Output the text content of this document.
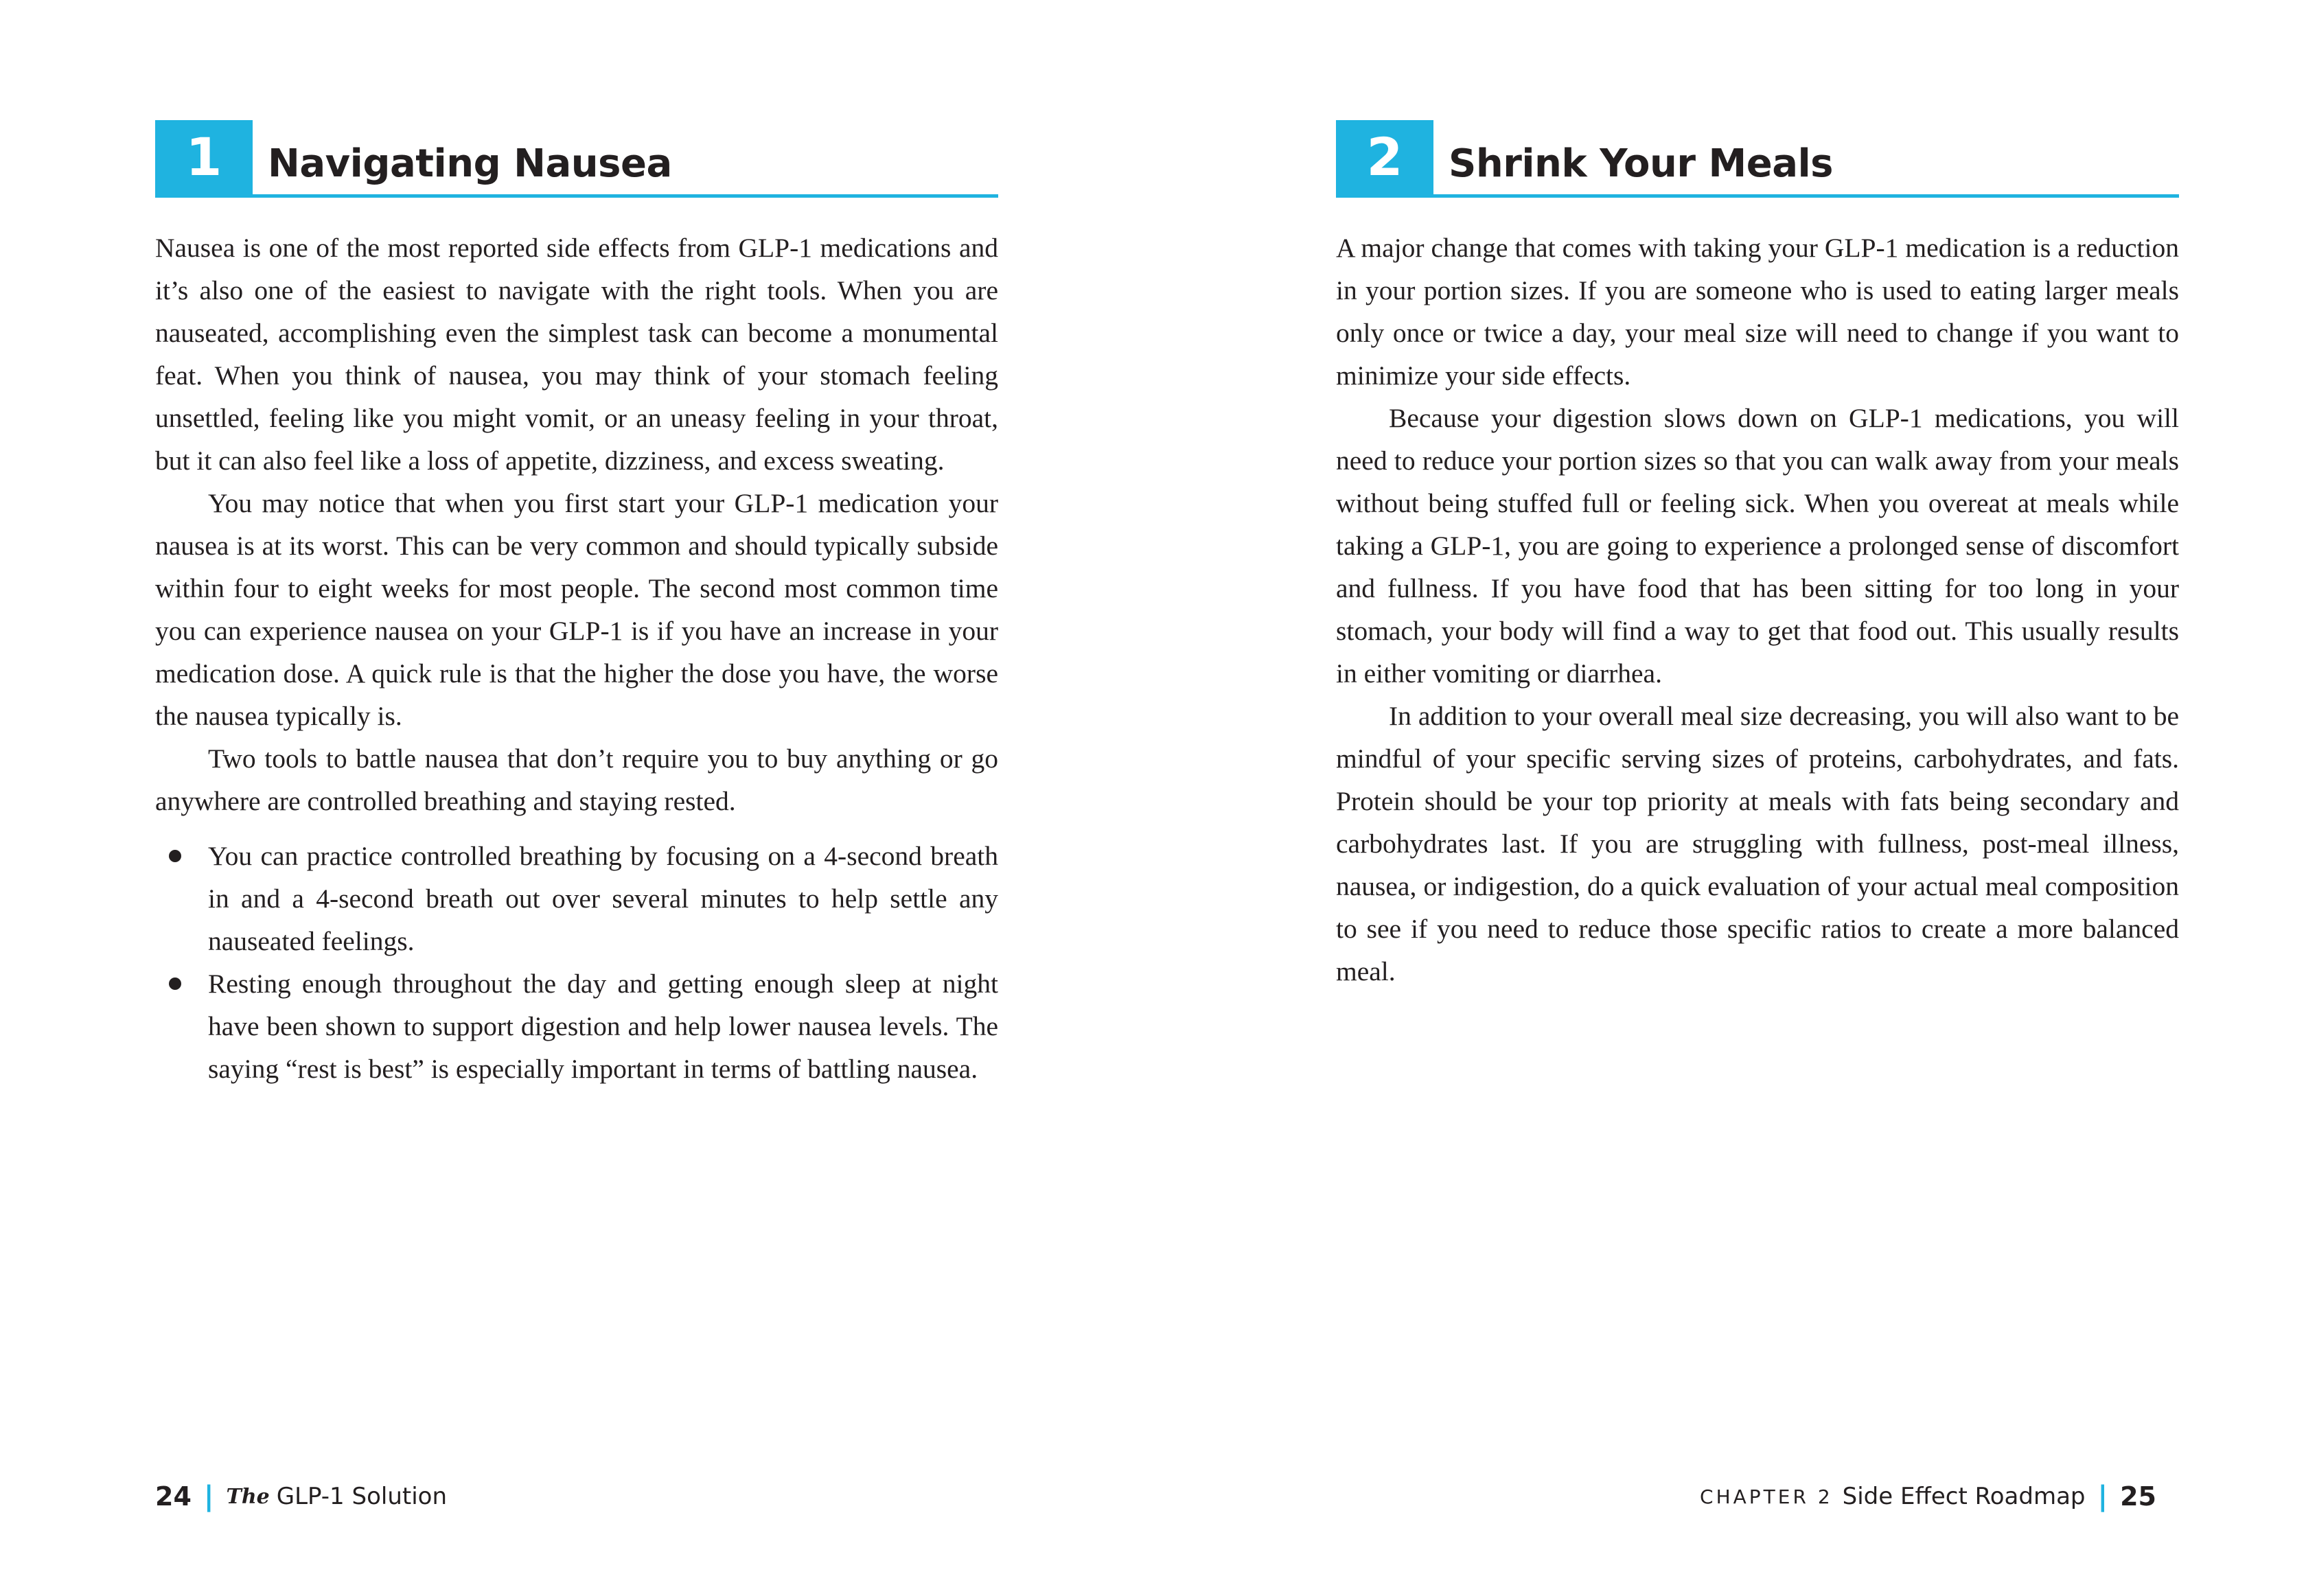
1	Navigating Nausea

Nausea is one of the most reported side effects from GLP-1 medications and it’s also one of the easiest to navigate with the right tools. When you are nauseated, accomplishing even the simplest task can become a monumental feat. When you think of nausea, you may think of your stomach feeling unsettled, feeling like you might vomit, or an uneasy feeling in your throat, but it can also feel like a loss of appetite, dizziness, and excess sweating.

You may notice that when you first start your GLP-1 medication your nausea is at its worst. This can be very common and should typically subside within four to eight weeks for most people. The second most common time you can experience nausea on your GLP-1 is if you have an increase in your medication dose. A quick rule is that the higher the dose you have, the worse the nausea typically is.

Two tools to battle nausea that don’t require you to buy anything or go anywhere are controlled breathing and staying rested.

You can practice controlled breathing by focusing on a 4-second breath in and a 4-second breath out over several minutes to help settle any nauseated feelings.
Resting enough throughout the day and getting enough sleep at night have been shown to support digestion and help lower nausea levels. The saying “rest is best” is especially important in terms of battling nausea.
24 | The GLP-1 Solution
2	Shrink Your Meals

A major change that comes with taking your GLP-1 medication is a reduction in your portion sizes. If you are someone who is used to eating larger meals only once or twice a day, your meal size will need to change if you want to minimize your side effects.

Because your digestion slows down on GLP-1 medications, you will need to reduce your portion sizes so that you can walk away from your meals without being stuffed full or feeling sick. When you overeat at meals while taking a GLP-1, you are going to experience a prolonged sense of discomfort and fullness. If you have food that has been sitting for too long in your stomach, your body will find a way to get that food out. This usually results in either vomiting or diarrhea.

In addition to your overall meal size decreasing, you will also want to be mindful of your specific serving sizes of proteins, carbohydrates, and fats. Protein should be your top priority at meals with fats being secondary and carbohydrates last. If you are struggling with fullness, post-meal illness, nausea, or indigestion, do a quick evaluation of your actual meal composition to see if you need to reduce those specific ratios to create a more balanced meal.

CHAPTER 2 Side Effect Roadmap | 25
